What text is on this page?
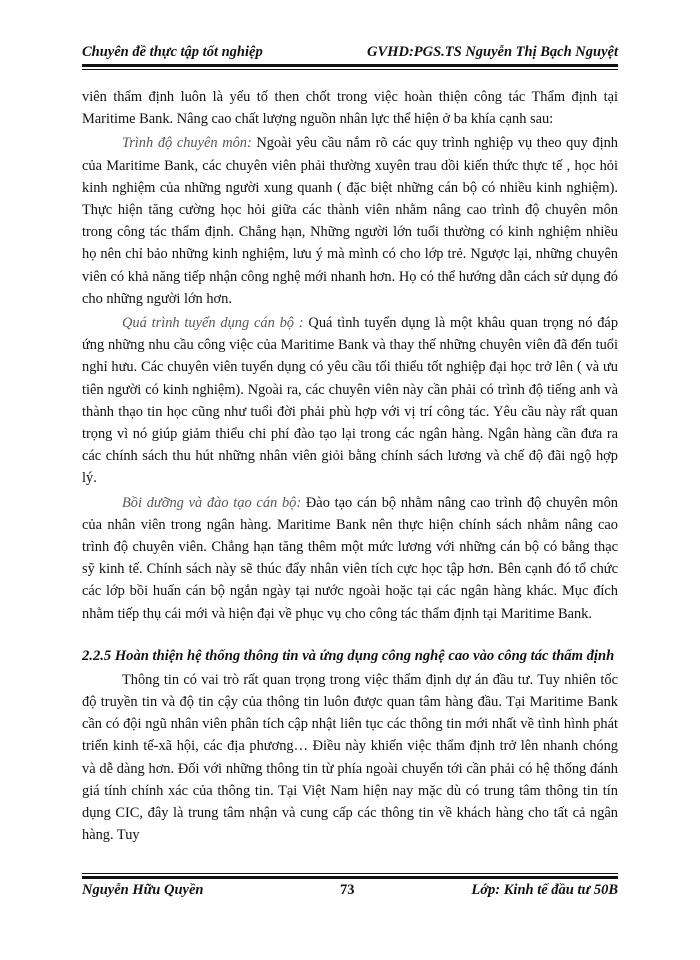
Chuyên đề thực tập tốt nghiệp	GVHD:PGS.TS Nguyễn Thị Bạch Nguyệt

viên thẩm định luôn là yếu tố then chốt trong việc hoàn thiện công tác Thẩm định tại Maritime Bank. Nâng cao chất lượng nguồn nhân lực thể hiện ở ba khía cạnh sau:

Trình độ chuyên môn: Ngoài yêu cầu nắm rõ các quy trình nghiệp vụ theo quy định của Maritime Bank, các chuyên viên phải thường xuyên trau dồi kiến thức thực tế , học hỏi kinh nghiệm của những người xung quanh ( đặc biệt những cán bộ có nhiều kinh nghiệm). Thực hiện tăng cường học hỏi giữa các thành viên nhằm nâng cao trình độ chuyên môn trong công tác thẩm định. Chẳng hạn, Những người lớn tuổi thường có kinh nghiệm nhiều họ nên chỉ bảo những kinh nghiệm, lưu ý mà mình có cho lớp trẻ. Ngược lại, những chuyên viên có khả năng tiếp nhận công nghệ mới nhanh hơn. Họ có thể hướng dẫn cách sử dụng đó cho những người lớn hơn.

Quá trình tuyển dụng cán bộ : Quá tình tuyển dụng là một khâu quan trọng nó đáp ứng những nhu cầu công việc của Maritime Bank và thay thế những chuyên viên đã đến tuổi nghỉ hưu. Các chuyên viên tuyển dụng có yêu cầu tối thiểu tốt nghiệp đại học trở lên ( và ưu tiên người có kinh nghiệm). Ngoài ra, các chuyên viên này cần phải có trình độ tiếng anh và thành thạo tin học cũng như tuổi đời phải phù hợp với vị trí công tác. Yêu cầu này rất quan trọng vì nó giúp giảm thiểu chi phí đào tạo lại trong các ngân hàng. Ngân hàng cần đưa ra các chính sách thu hút những nhân viên giỏi bằng chính sách lương và chế độ đãi ngộ hợp lý.

Bồi dưỡng và đào tạo cán bộ: Đào tạo cán bộ nhằm nâng cao trình độ chuyên môn của nhân viên trong ngân hàng. Maritime Bank nên thực hiện chính sách nhằm nâng cao trình độ chuyên viên. Chẳng hạn tăng thêm một mức lương với những cán bộ có bằng thạc sỹ kinh tế. Chính sách này sẽ thúc đẩy nhân viên tích cực học tập hơn. Bên cạnh đó tổ chức các lớp bồi huấn cán bộ ngắn ngày tại nước ngoài hoặc tại các ngân hàng khác. Mục đích nhằm tiếp thụ cái mới và hiện đại về phục vụ cho công tác thẩm định tại Maritime Bank.

2.2.5 Hoàn thiện hệ thống thông tin và ứng dụng công nghệ cao vào công tác thẩm định

Thông tin có vai trò rất quan trọng trong việc thẩm định dự án đầu tư. Tuy nhiên tốc độ truyền tin và độ tin cậy của thông tin luôn được quan tâm hàng đầu. Tại Maritime Bank cần có đội ngũ nhân viên phân tích cập nhật liên tục các thông tin mới nhất về tình hình phát triển kinh tế-xã hội, các địa phương… Điều này khiến việc thẩm định trở lên nhanh chóng và dễ dàng hơn. Đối với những thông tin từ phía ngoài chuyển tới cần phải có hệ thống đánh giá tính chính xác của thông tin. Tại Việt Nam hiện nay mặc dù có trung tâm thông tin tín dụng CIC, đây là trung tâm nhận và cung cấp các thông tin về khách hàng cho tất cả ngân hàng. Tuy

Nguyễn Hữu Quyền	73	Lớp: Kinh tế đầu tư 50B
